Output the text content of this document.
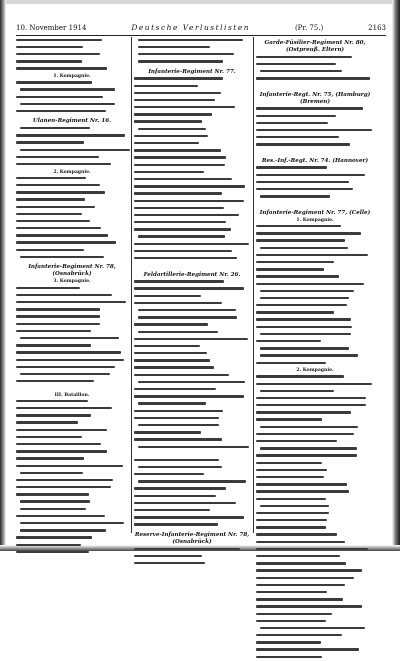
10. November 1914	Deutsche Verlustlisten	(Pr. 75.)	2163
1. Kompagnie.
Ulanen-Regiment Nr. 16.
2. Kompagnie.
Infanterie-Regiment Nr. 78, (Osnabrück)
3. Kompagnie.
III. Bataillon.
Infanterie-Regiment Nr. 77.
Feldartillerie-Regiment Nr. 26.
Reserve-Infanterie-Regiment Nr. 78, (Osnabrück)
Garde-Füsilier-Regiment Nr. 80, (Ostpreuß. Eltern)
Infanterie-Regt. Nr. 75, (Hamburg) (Bremen)
Res.-Inf.-Regt. Nr. 74. (Hannover)
Infanterie-Regiment Nr. 77, (Celle)
1. Kompagnie.
2. Kompagnie.
